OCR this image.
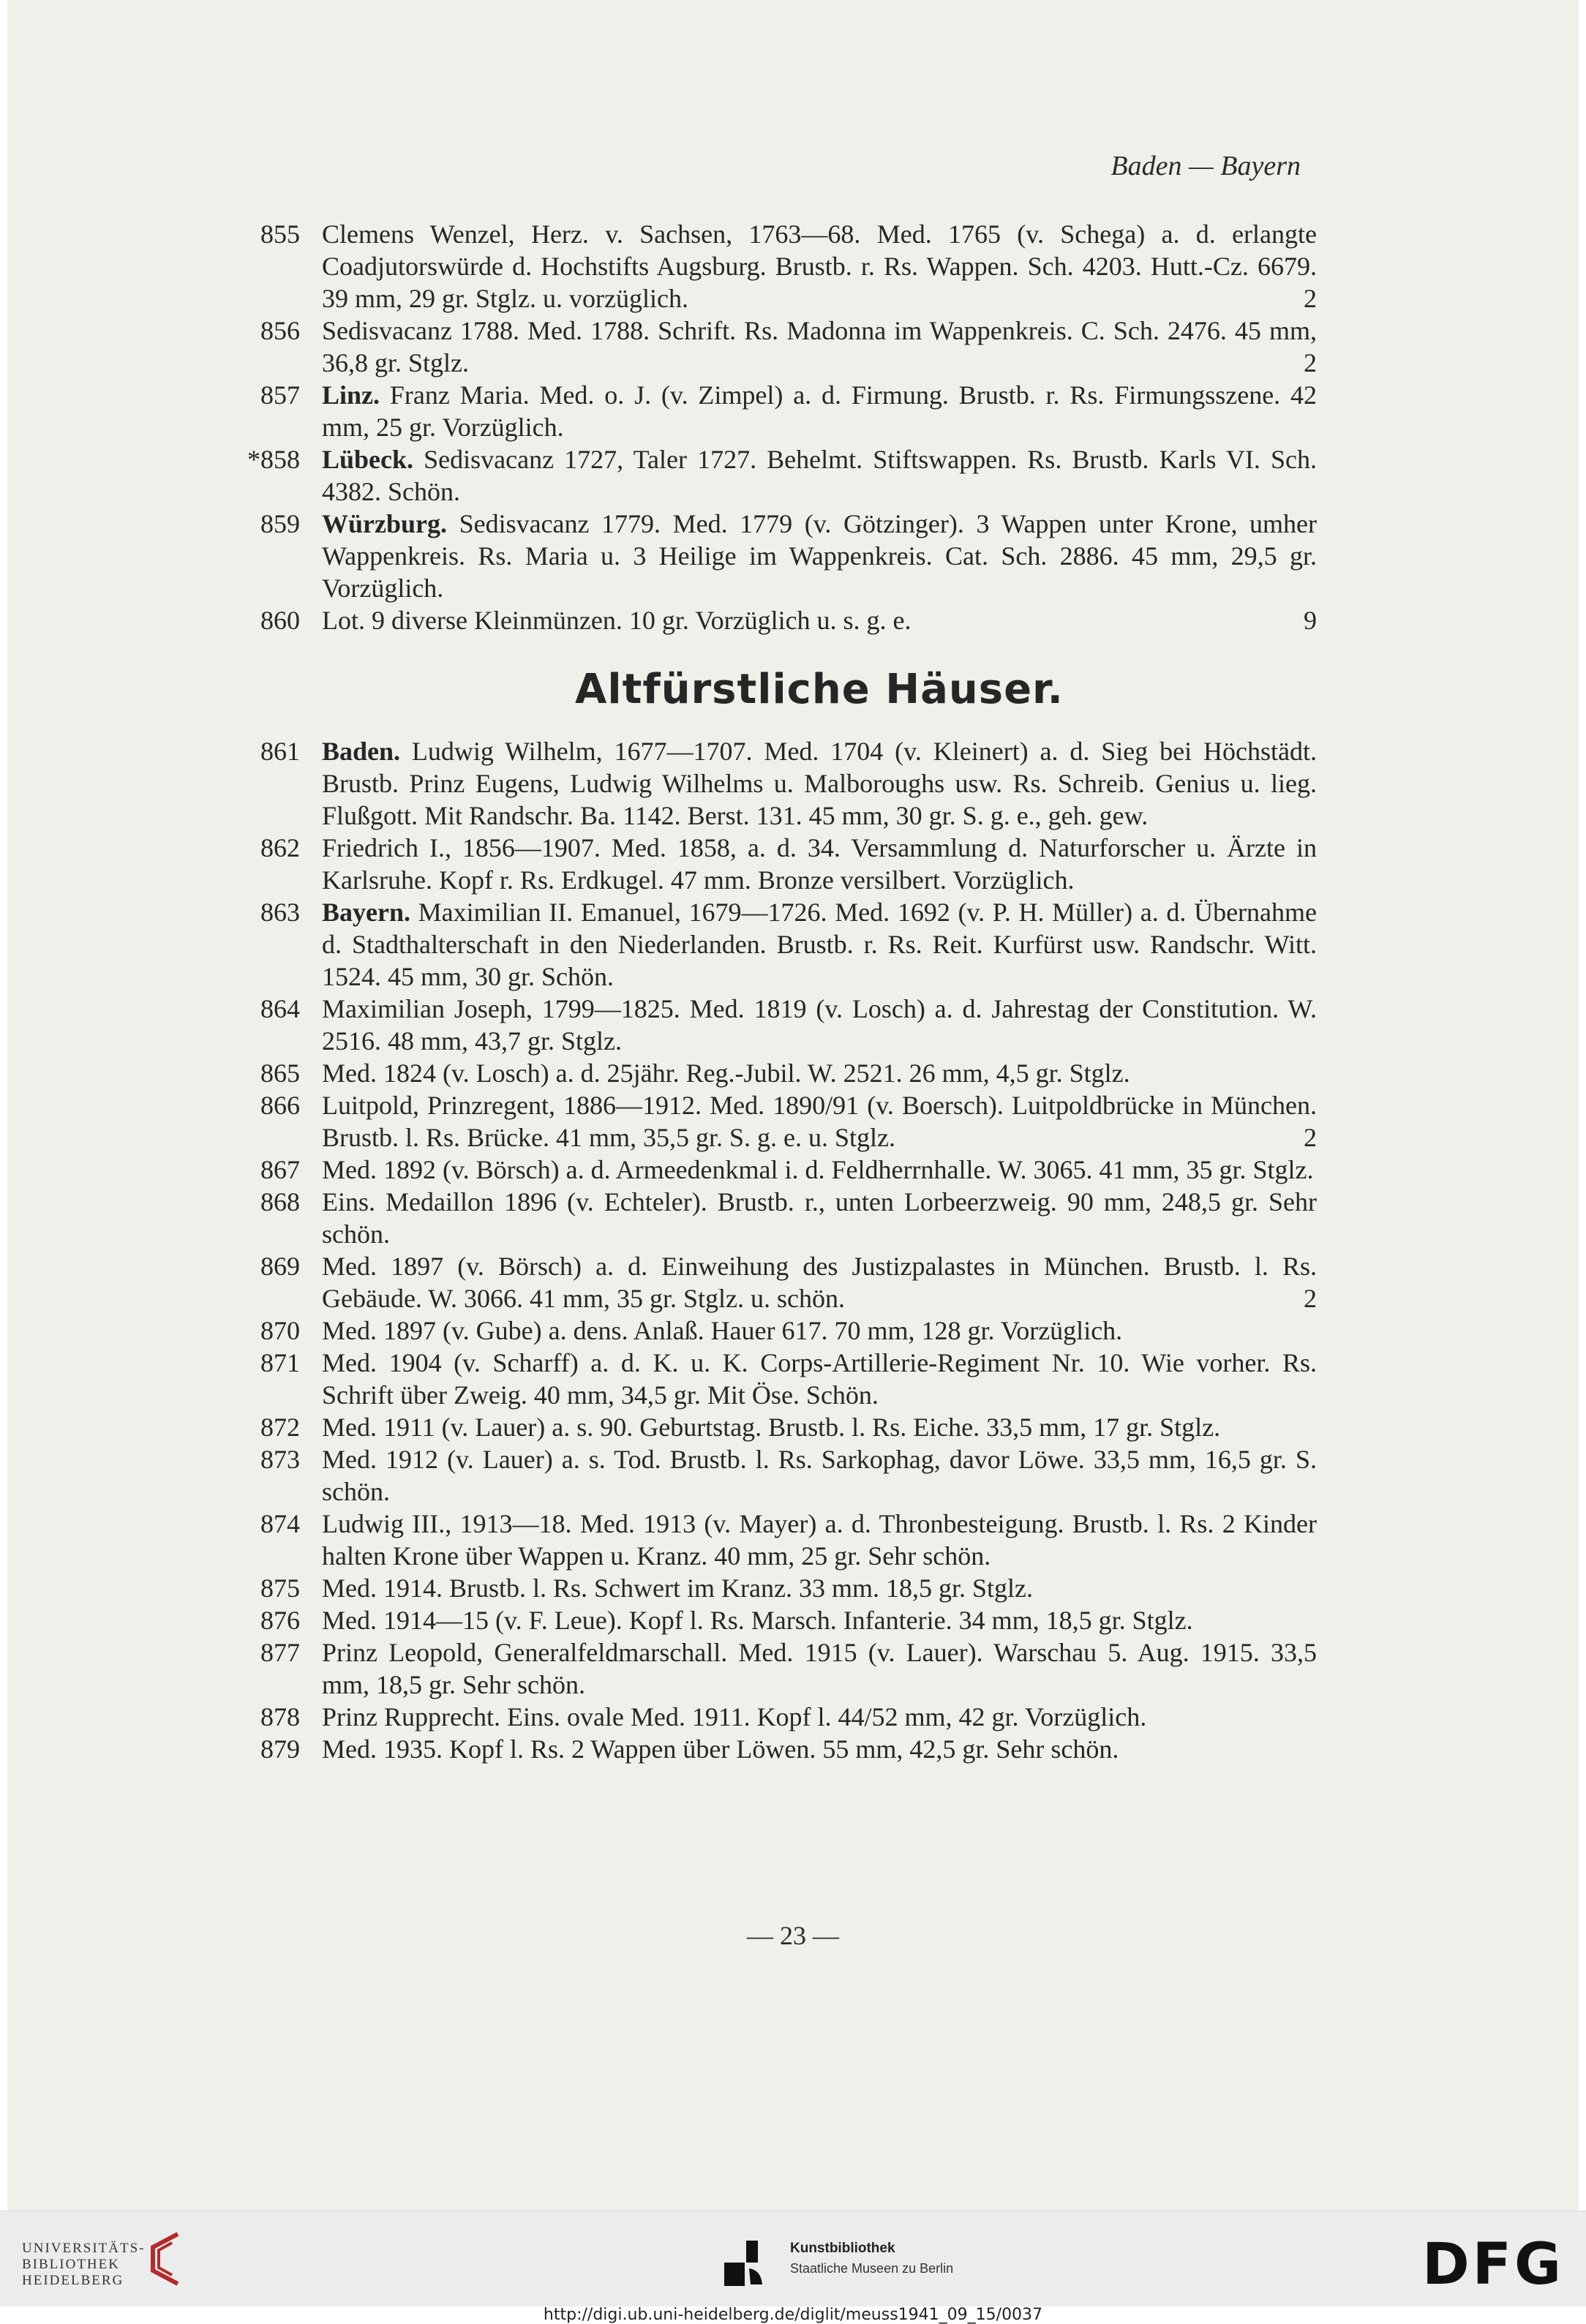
Baden — Bayern
855 Clemens Wenzel, Herz. v. Sachsen, 1763—68. Med. 1765 (v. Schega) a. d. erlangte Coadjutorswürde d. Hochstifts Augsburg. Brustb. r. Rs. Wappen. Sch. 4203. Hutt.-Cz. 6679. 39 mm, 29 gr. Stglz. u. vorzüglich.	2
856 Sedisvacanz 1788. Med. 1788. Schrift. Rs. Madonna im Wappenkreis. C. Sch. 2476. 45 mm, 36,8 gr. Stglz.	2
857 Linz. Franz Maria. Med. o. J. (v. Zimpel) a. d. Firmung. Brustb. r. Rs. Firmungsszene. 42 mm, 25 gr. Vorzüglich.
*858 Lübeck. Sedisvacanz 1727, Taler 1727. Behelmt. Stiftswappen. Rs. Brustb. Karls VI. Sch. 4382. Schön.
859 Würzburg. Sedisvacanz 1779. Med. 1779 (v. Götzinger). 3 Wappen unter Krone, umher Wappenkreis. Rs. Maria u. 3 Heilige im Wappenkreis. Cat. Sch. 2886. 45 mm, 29,5 gr. Vorzüglich.
860 Lot. 9 diverse Kleinmünzen. 10 gr. Vorzüglich u. s. g. e.	9
Altfürstliche Häuser.
861 Baden. Ludwig Wilhelm, 1677—1707. Med. 1704 (v. Kleinert) a. d. Sieg bei Höchstädt. Brustb. Prinz Eugens, Ludwig Wilhelms u. Malboroughs usw. Rs. Schreib. Genius u. lieg. Flußgott. Mit Randschr. Ba. 1142. Berst. 131. 45 mm, 30 gr. S. g. e., geh. gew.
862 Friedrich I., 1856—1907. Med. 1858, a. d. 34. Versammlung d. Naturforscher u. Ärzte in Karlsruhe. Kopf r. Rs. Erdkugel. 47 mm. Bronze versilbert. Vorzüglich.
863 Bayern. Maximilian II. Emanuel, 1679—1726. Med. 1692 (v. P. H. Müller) a. d. Übernahme d. Stadthalterschaft in den Niederlanden. Brustb. r. Rs. Reit. Kurfürst usw. Randschr. Witt. 1524. 45 mm, 30 gr. Schön.
864 Maximilian Joseph, 1799—1825. Med. 1819 (v. Losch) a. d. Jahrestag der Constitution. W. 2516. 48 mm, 43,7 gr. Stglz.
865 Med. 1824 (v. Losch) a. d. 25jähr. Reg.-Jubil. W. 2521. 26 mm, 4,5 gr. Stglz.
866 Luitpold, Prinzregent, 1886—1912. Med. 1890/91 (v. Boersch). Luitpoldbrücke in München. Brustb. l. Rs. Brücke. 41 mm, 35,5 gr. S. g. e. u. Stglz.	2
867 Med. 1892 (v. Börsch) a. d. Armeedenkmal i. d. Feldherrnhalle. W. 3065. 41 mm, 35 gr. Stglz.
868 Eins. Medaillon 1896 (v. Echteler). Brustb. r., unten Lorbeerzweig. 90 mm, 248,5 gr. Sehr schön.
869 Med. 1897 (v. Börsch) a. d. Einweihung des Justizpalastes in München. Brustb. l. Rs. Gebäude. W. 3066. 41 mm, 35 gr. Stglz. u. schön.	2
870 Med. 1897 (v. Gube) a. dens. Anlaß. Hauer 617. 70 mm, 128 gr. Vorzüglich.
871 Med. 1904 (v. Scharff) a. d. K. u. K. Corps-Artillerie-Regiment Nr. 10. Wie vorher. Rs. Schrift über Zweig. 40 mm, 34,5 gr. Mit Öse. Schön.
872 Med. 1911 (v. Lauer) a. s. 90. Geburtstag. Brustb. l. Rs. Eiche. 33,5 mm, 17 gr. Stglz.
873 Med. 1912 (v. Lauer) a. s. Tod. Brustb. l. Rs. Sarkophag, davor Löwe. 33,5 mm, 16,5 gr. S. schön.
874 Ludwig III., 1913—18. Med. 1913 (v. Mayer) a. d. Thronbesteigung. Brustb. l. Rs. 2 Kinder halten Krone über Wappen u. Kranz. 40 mm, 25 gr. Sehr schön.
875 Med. 1914. Brustb. l. Rs. Schwert im Kranz. 33 mm. 18,5 gr. Stglz.
876 Med. 1914—15 (v. F. Leue). Kopf l. Rs. Marsch. Infanterie. 34 mm, 18,5 gr. Stglz.
877 Prinz Leopold, Generalfeldmarschall. Med. 1915 (v. Lauer). Warschau 5. Aug. 1915. 33,5 mm, 18,5 gr. Sehr schön.
878 Prinz Rupprecht. Eins. ovale Med. 1911. Kopf l. 44/52 mm, 42 gr. Vorzüglich.
879 Med. 1935. Kopf l. Rs. 2 Wappen über Löwen. 55 mm, 42,5 gr. Sehr schön.
— 23 —
UNIVERSITÄTS-
BIBLIOTHEK
HEIDELBERG
Kunstbibliothek
Staatliche Museen zu Berlin	DFG
http://digi.ub.uni-heidelberg.de/diglit/meuss1941_09_15/0037
